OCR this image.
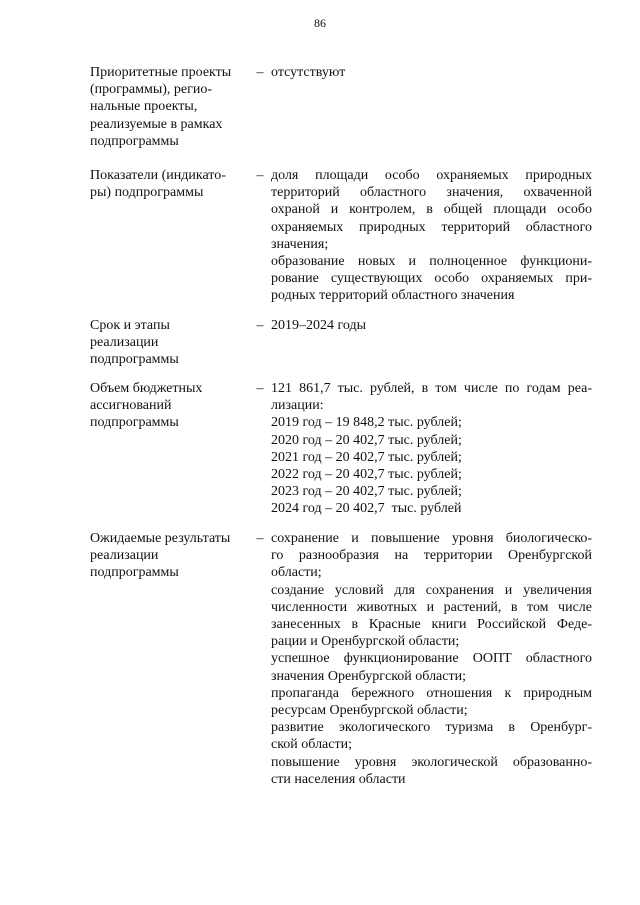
86
Приоритетные проекты
(программы), регио-
нальные проекты,
реализуемые в рамках
подпрограммы
– отсутствуют
Показатели (индикато-
ры) подпрограммы
– доля площади особо охраняемых природных
территорий областного значения, охваченной
охраной и контролем, в общей площади особо
охраняемых природных территорий областного
значения;
образование новых и полноценное функциони-
рование существующих особо охраняемых при-
родных территорий областного значения
Срок и этапы
реализации
подпрограммы
– 2019–2024 годы
Объем бюджетных
ассигнований
подпрограммы
– 121 861,7 тыс. рублей, в том числе по годам реа-
лизации:
2019 год – 19 848,2 тыс. рублей;
2020 год – 20 402,7 тыс. рублей;
2021 год – 20 402,7 тыс. рублей;
2022 год – 20 402,7 тыс. рублей;
2023 год – 20 402,7 тыс. рублей;
2024 год – 20 402,7  тыс. рублей
Ожидаемые результаты
реализации
подпрограммы
– сохранение и повышение уровня биологическо-
го разнообразия на территории Оренбургской
области;
создание условий для сохранения и увеличения
численности животных и растений, в том числе
занесенных в Красные книги Российской Феде-
рации и Оренбургской области;
успешное функционирование ООПТ областного
значения Оренбургской области;
пропаганда бережного отношения к природным
ресурсам Оренбургской области;
развитие экологического туризма в Оренбург-
ской области;
повышение уровня экологической образованно-
сти населения области
